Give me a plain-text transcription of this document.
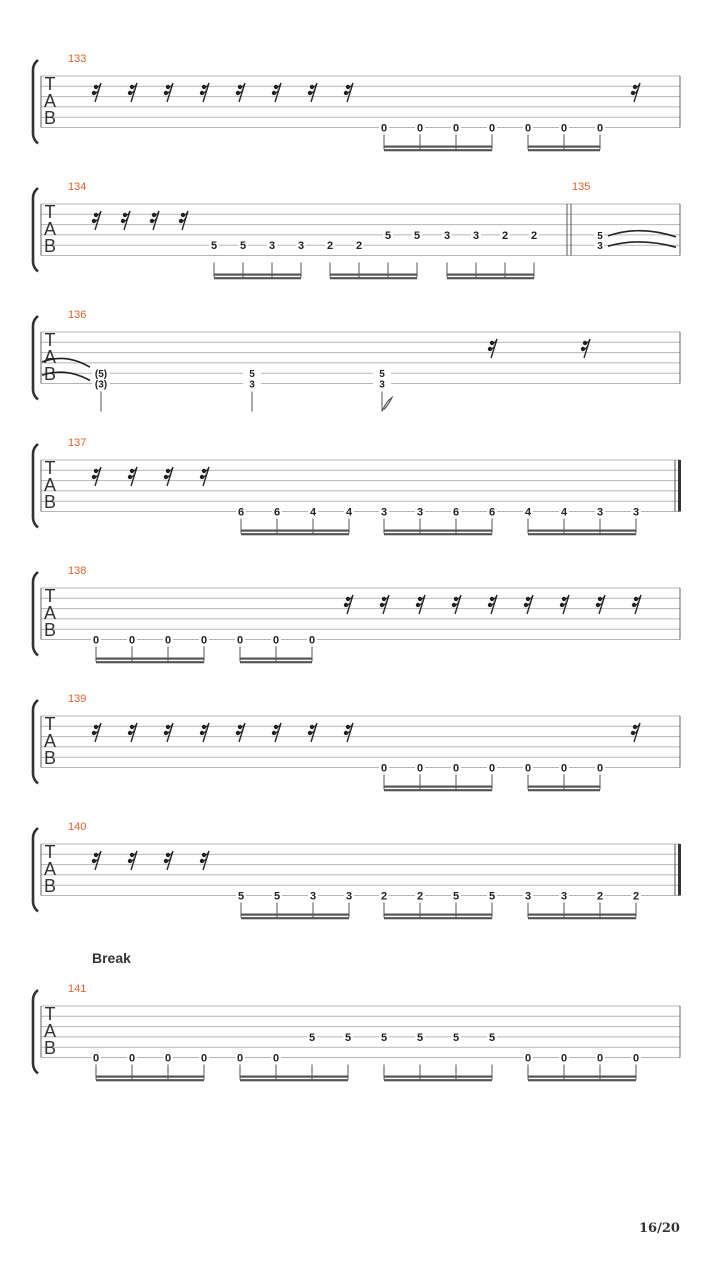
T
A
B
133
0	0	0	0	0	0	0
T
A
B
134
5 5 3 3 2 2
5 5 3 3 2 2
135
5
3
T
A
B
136
(5)
(3)
5
3
5
3
T
A
B
137
6	6	4	4	3	3	6	6	4	4	3	3
T
A
B
138
0	0	0	0	0	0	0
T
A
B
139
0	0	0	0	0	0	0
T
A
B
140
5	5	3	3	2	2	5	5	3	3	2	2
T
A
B
141
0	0	0	0	0	0
5	5	5	5	5	5
0	0	0	0
Break
16/20
